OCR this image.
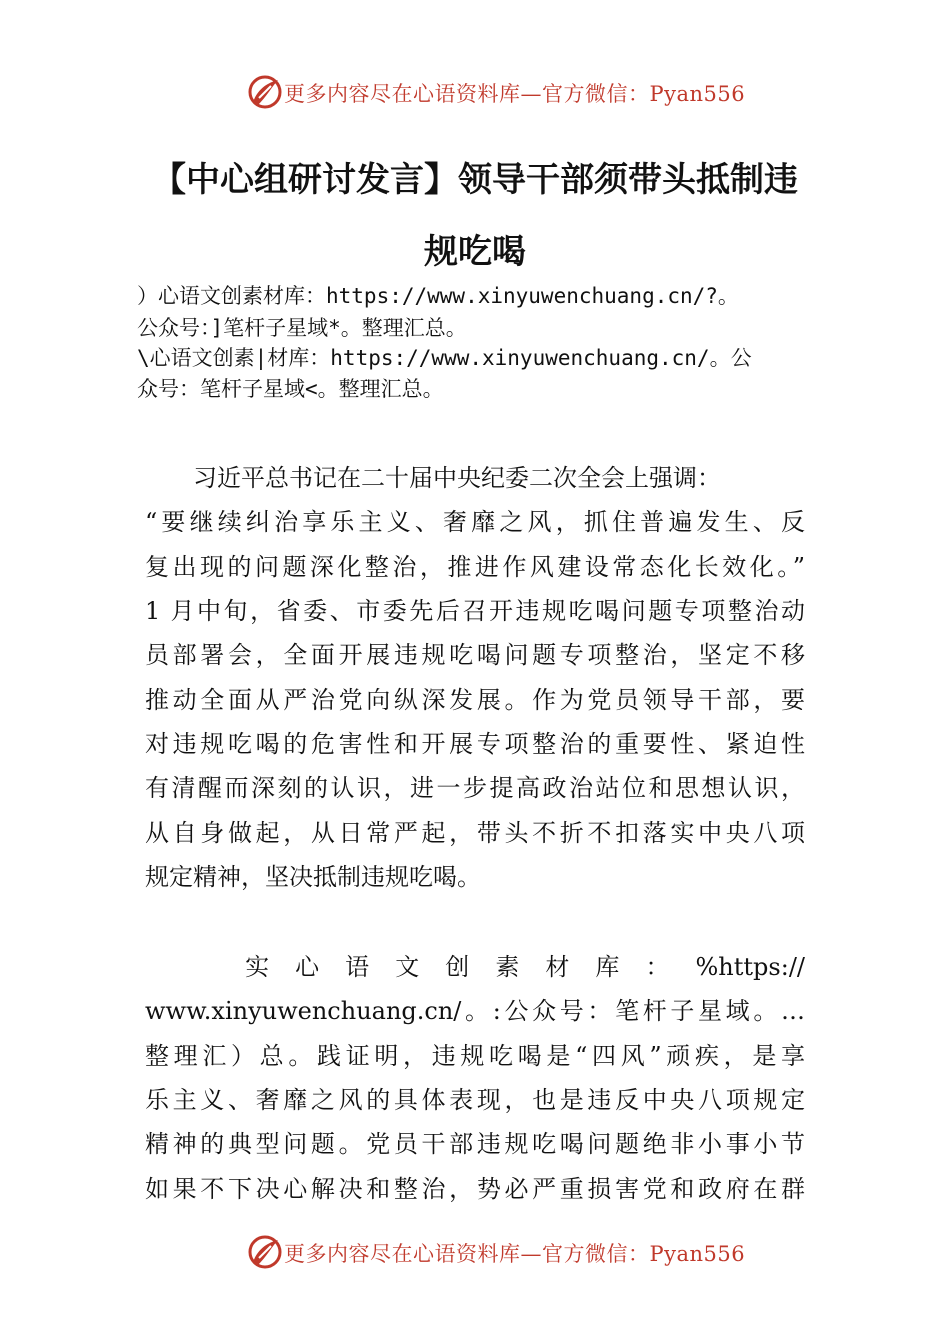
更多内容尽在心语资料库—官方微信：Pyan556
【中心组研讨发言】领导干部须带头抵制违
规吃喝
）心语文创素材库：https://www.xinyuwenchuang.cn/?。
公众号：]笔杆子星域*。整理汇总。
\心语文创素|材库：https://www.xinyuwenchuang.cn/。公
众号：笔杆子星域<。整理汇总。
　　习近平总书记在二十届中央纪委二次全会上强调：
“要继续纠治享乐主义、奢靡之风，抓住普遍发生、反
复出现的问题深化整治，推进作风建设常态化长效化。”
1 月中旬，省委、市委先后召开违规吃喝问题专项整治动
员部署会，全面开展违规吃喝问题专项整治，坚定不移
推动全面从严治党向纵深发展。作为党员领导干部，要
对违规吃喝的危害性和开展专项整治的重要性、紧迫性
有清醒而深刻的认识，进一步提高政治站位和思想认识，
从自身做起，从日常严起，带头不折不扣落实中央八项
规定精神，坚决抵制违规吃喝。
　　实心语文创素材库：%https://
www.xinyuwenchuang.cn/。:公众号：笔杆子星域。…
整理汇）总。践证明，违规吃喝是“四风”顽疾，是享
乐主义、奢靡之风的具体表现，也是违反中央八项规定
精神的典型问题。党员干部违规吃喝问题绝非小事小节
如果不下决心解决和整治，势必严重损害党和政府在群
更多内容尽在心语资料库—官方微信：Pyan556
